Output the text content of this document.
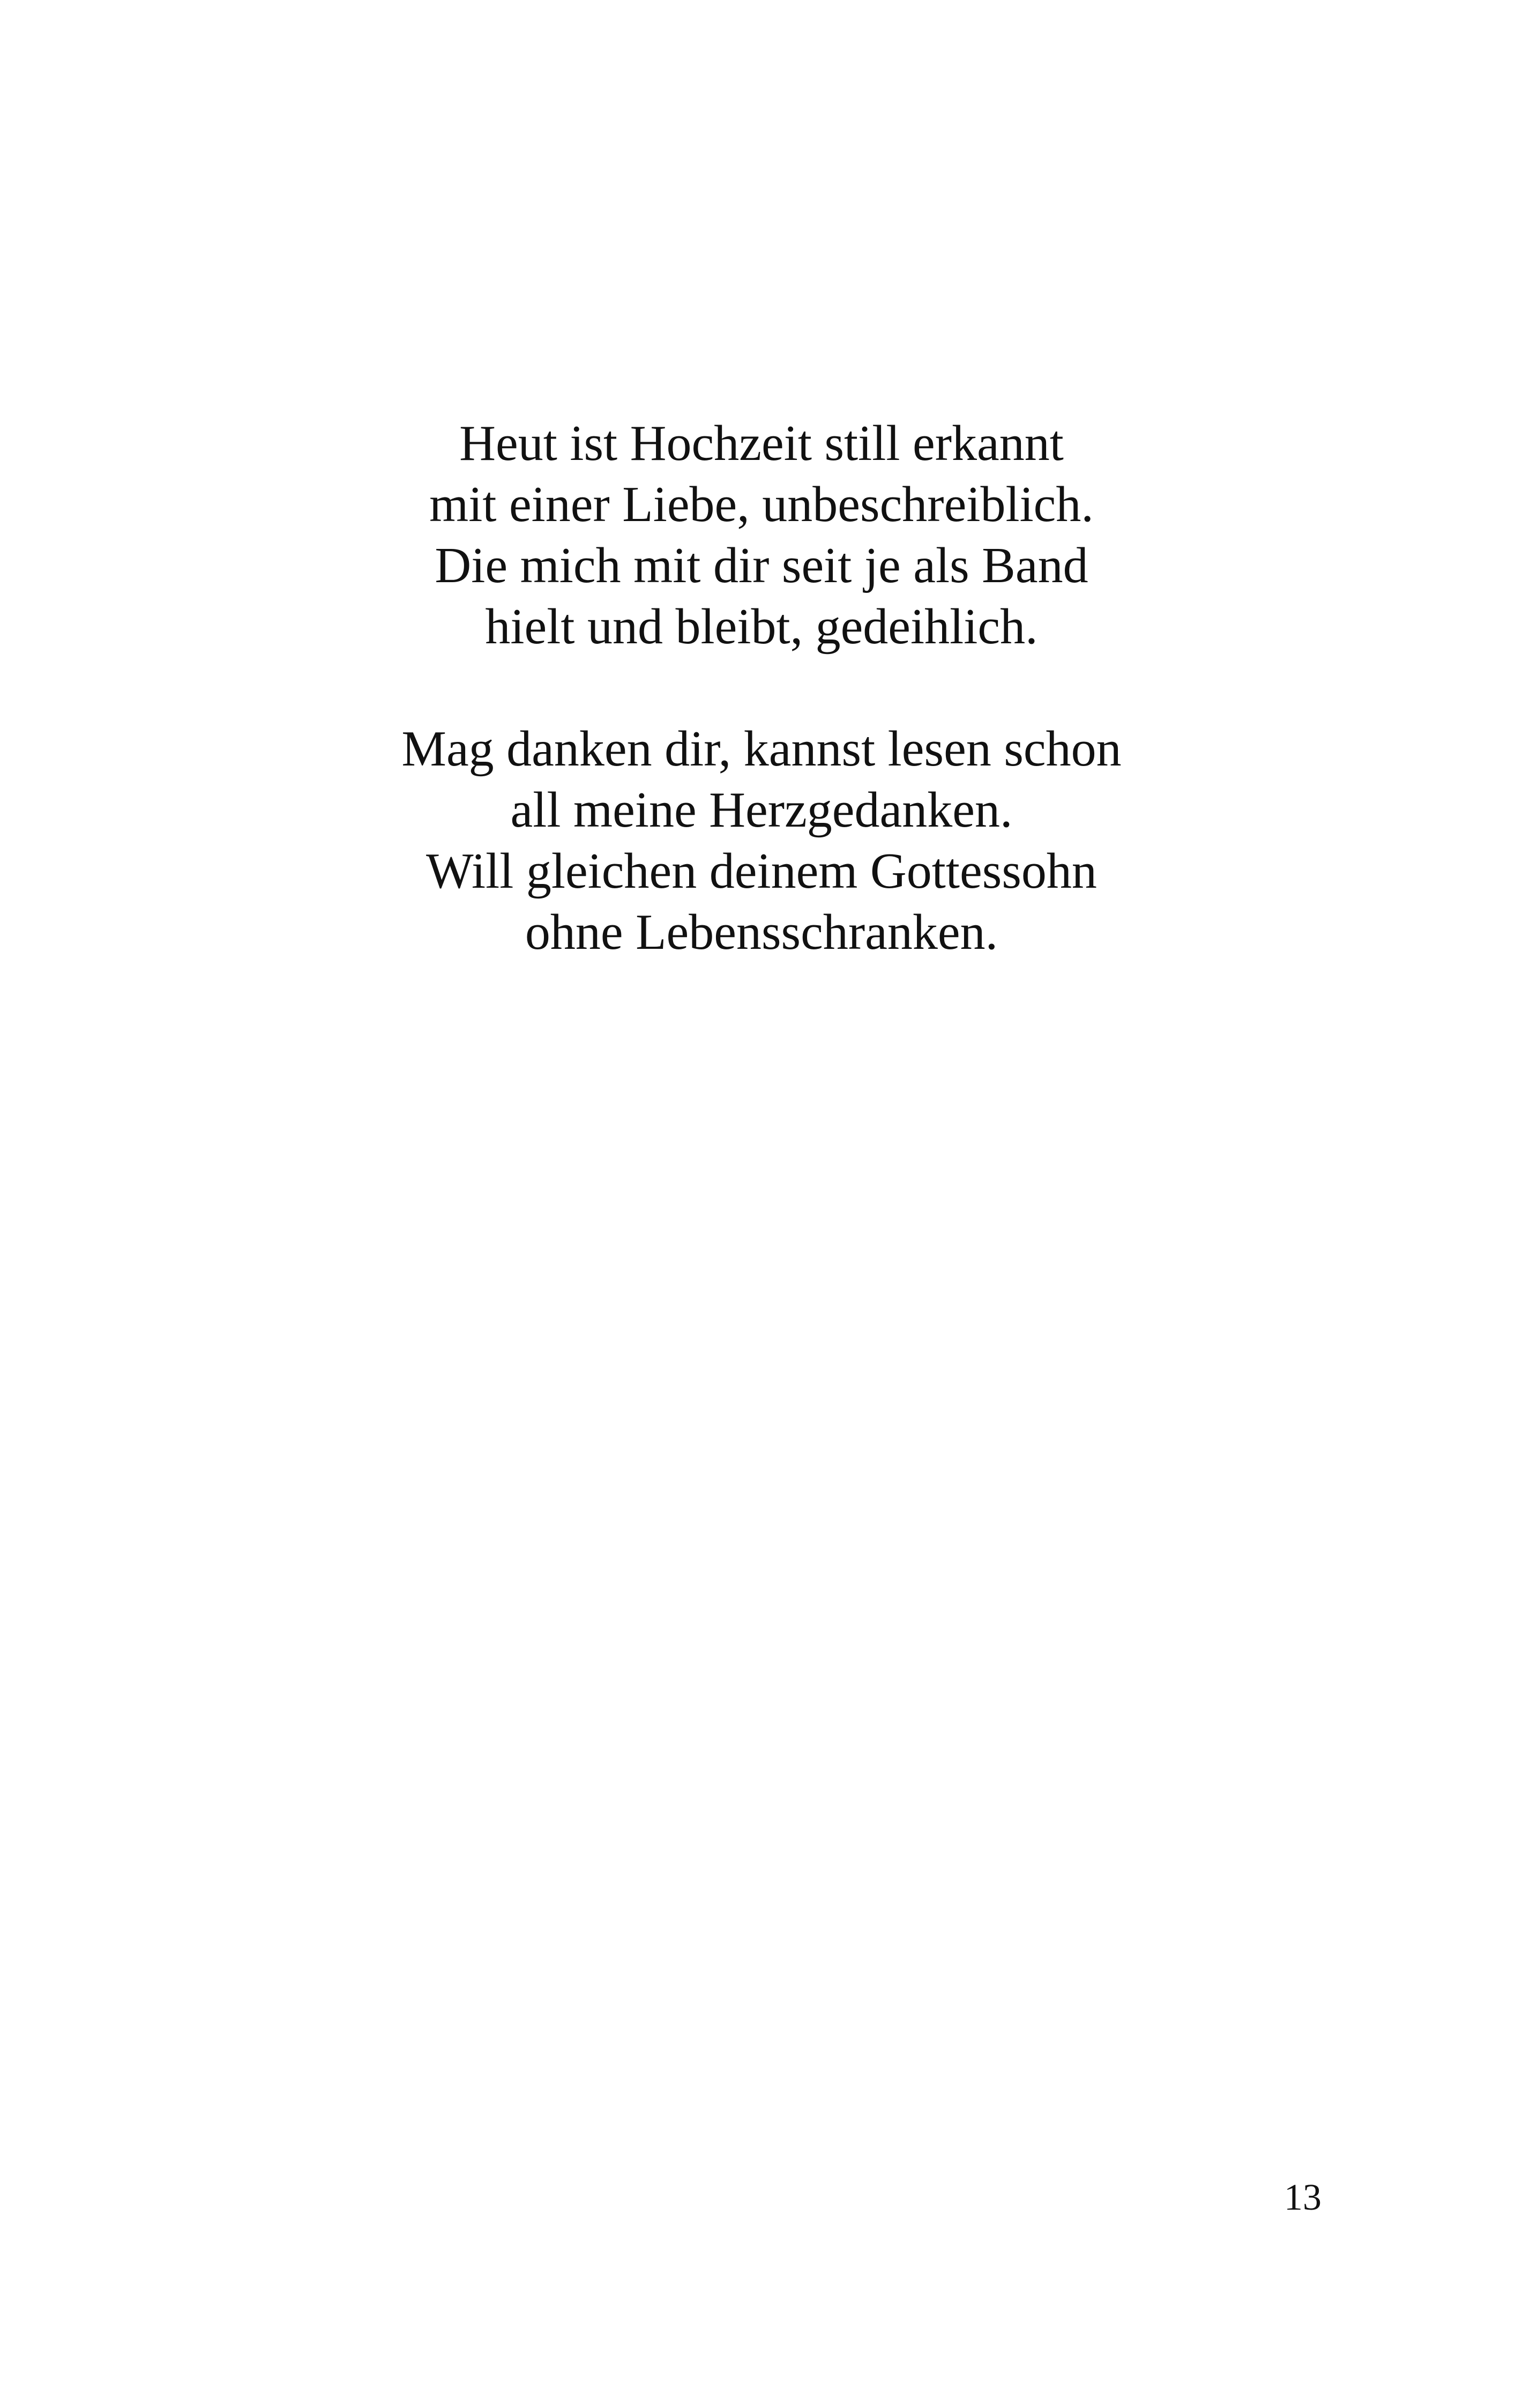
Heut ist Hochzeit still erkannt
mit einer Liebe, unbeschreiblich.
Die mich mit dir seit je als Band
hielt und bleibt, gedeihlich.
Mag danken dir, kannst lesen schon
all meine Herzgedanken.
Will gleichen deinem Gottessohn
ohne Lebensschranken.
13
